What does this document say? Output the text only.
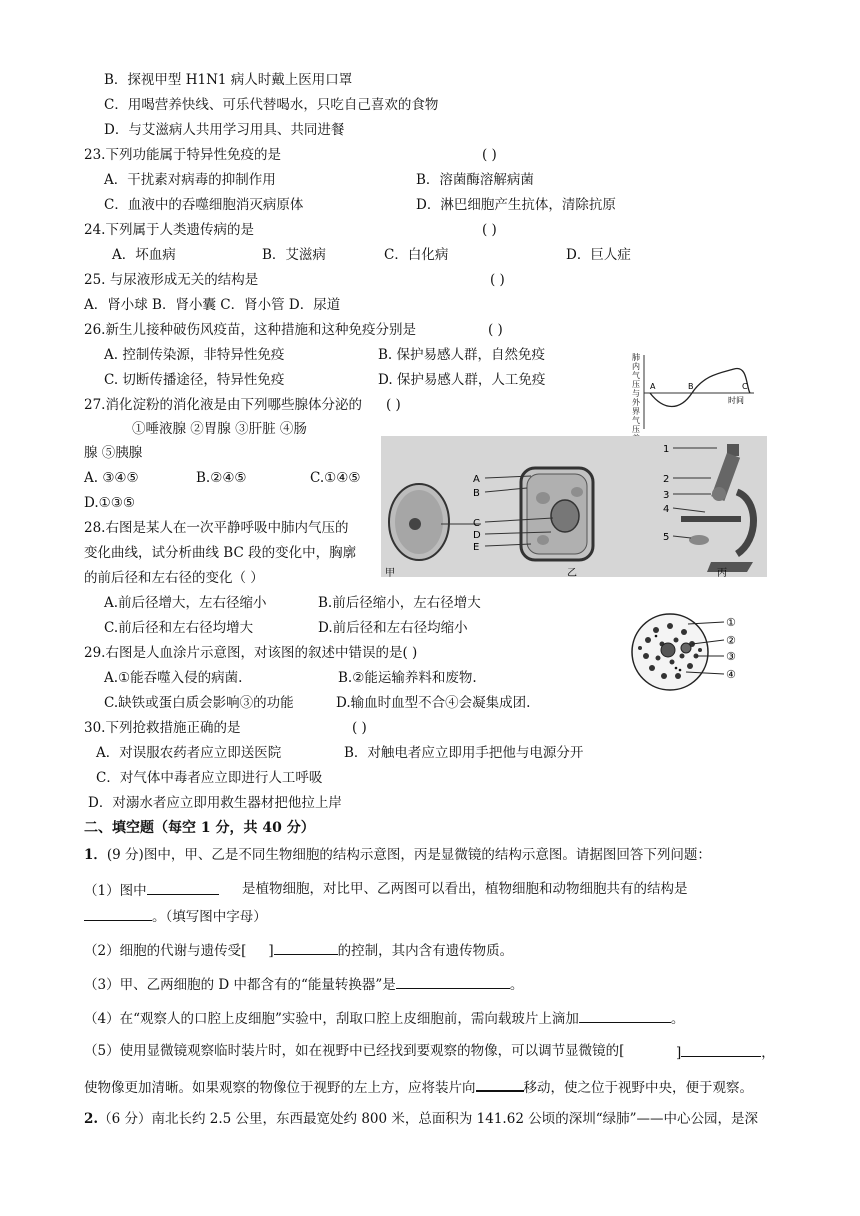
B．探视甲型 H1N1 病人时戴上医用口罩
C．用喝营养快线、可乐代替喝水，只吃自己喜欢的食物
D．与艾滋病人共用学习用具、共同进餐
23.下列功能属于特异性免疫的是	( )
A．干扰素对病毒的抑制作用	B．溶菌酶溶解病菌
C．血液中的吞噬细胞消灭病原体	D．淋巴细胞产生抗体，清除抗原
24.下列属于人类遗传病的是	( )
A．坏血病	B．艾滋病	C．白化病	D．巨人症
25. 与尿液形成无关的结构是	( )
A．肾小球 B．肾小囊 C．肾小管 D．尿道
26.新生儿接种破伤风疫苗，这种措施和这种免疫分别是	( )
A. 控制传染源，非特异性免疫	B. 保护易感人群，自然免疫
C. 切断传播途径，特异性免疫	D. 保护易感人群，人工免疫
27.消化淀粉的消化液是由下列哪些腺体分泌的 ( )
①唾液腺 ②胃腺 ③肝脏 ④肠
腺 ⑤胰腺
A. ③④⑤	B.②④⑤	C.①④⑤
D.①③⑤
28.右图是某人在一次平静呼吸中肺内气压的
变化曲线，试分析曲线 BC 段的变化中，胸廓
的前后径和左右径的变化（ ）
A.前后径增大，左右径缩小	B.前后径缩小，左右径增大
C.前后径和左右径均增大	D.前后径和左右径均缩小
29.右图是人血涂片示意图，对该图的叙述中错误的是( )
A.①能吞噬入侵的病菌.	B.②能运输养料和废物.
C.缺铁或蛋白质会影响③的功能	D.输血时血型不合④会凝集成团.
30.下列抢救措施正确的是	( )
A．对误服农药者应立即送医院	B．对触电者应立即用手把他与电源分开
C．对气体中毒者应立即进行人工呼吸
D．对溺水者应立即用救生器材把他拉上岸
二、填空题（每空 1 分，共 40 分）
1．(9 分)图中，甲、乙是不同生物细胞的结构示意图，丙是显微镜的结构示意图。请据图回答下列问题：
（1）图中	是植物细胞，对比甲、乙两图可以看出，植物细胞和动物细胞共有的结构是
。（填写图中字母）
（2）细胞的代谢与遗传受[ ]	的控制，其内含有遗传物质。
（3）甲、乙两细胞的 D 中都含有的“能量转换器”是	。
（4）在“观察人的口腔上皮细胞”实验中，刮取口腔上皮细胞前，需向载玻片上滴加	。
（5）使用显微镜观察临时装片时，如在视野中已经找到要观察的物像，可以调节显微镜的[	]	，
使物像更加清晰。如果观察的物像位于视野的左上方，应将装片向	移动，使之位于视野中央，便于观察。
2.（6 分）南北长约 2.5 公里，东西最宽处约 800 米，总面积为 141.62 公顷的深圳“绿肺”——中心公园，是深
A	B	C
时间
肺内气压与外界气压
A
B
C
D
E
1
2
3
4
5
甲	乙	丙
①
②
③
④
